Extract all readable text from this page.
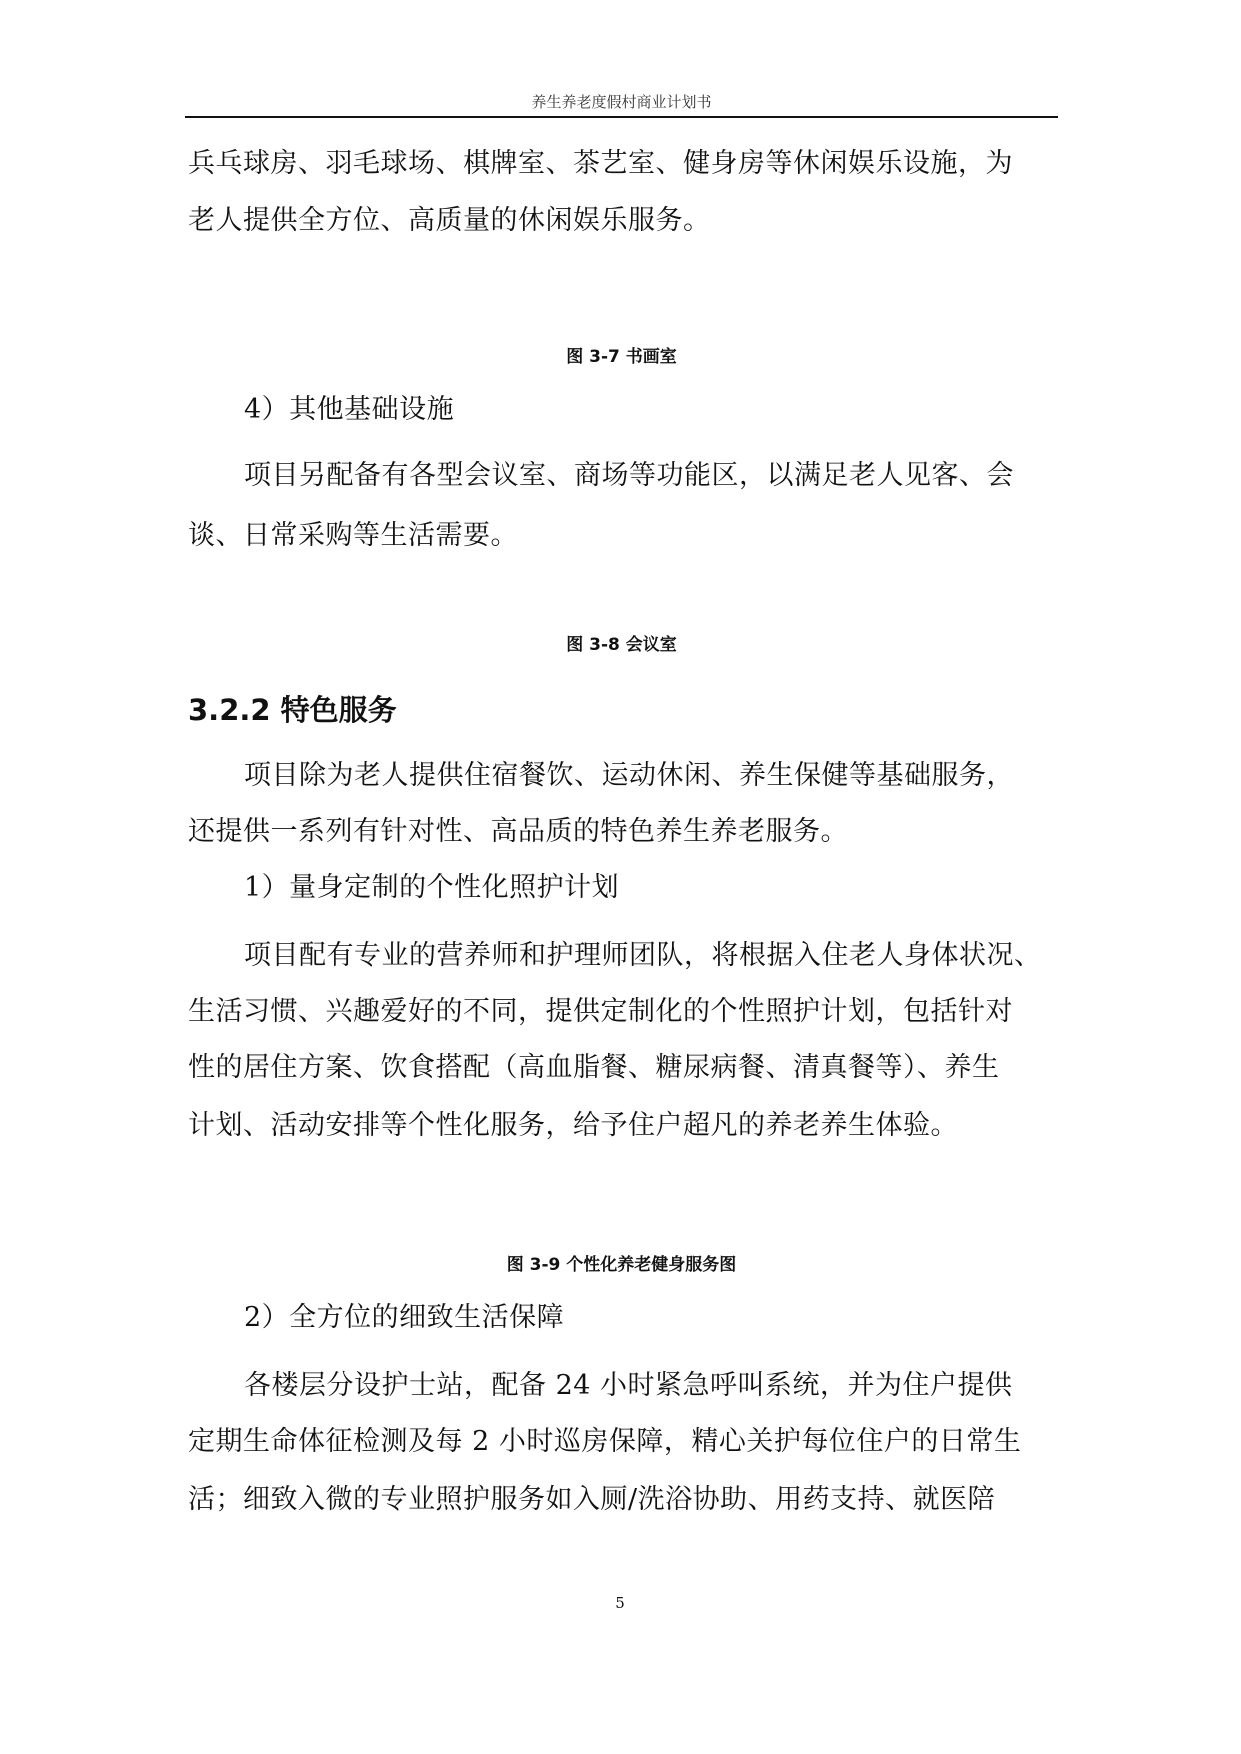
养生养老度假村商业计划书
兵乓球房、羽毛球场、棋牌室、茶艺室、健身房等休闲娱乐设施，为
老人提供全方位、高质量的休闲娱乐服务。
图 3-7 书画室
4）其他基础设施
项目另配备有各型会议室、商场等功能区，以满足老人见客、会
谈、日常采购等生活需要。
图 3-8 会议室
3.2.2 特色服务
项目除为老人提供住宿餐饮、运动休闲、养生保健等基础服务，
还提供一系列有针对性、高品质的特色养生养老服务。
1）量身定制的个性化照护计划
项目配有专业的营养师和护理师团队，将根据入住老人身体状况、
生活习惯、兴趣爱好的不同，提供定制化的个性照护计划，包括针对
性的居住方案、饮食搭配（高血脂餐、糖尿病餐、清真餐等）、养生
计划、活动安排等个性化服务，给予住户超凡的养老养生体验。
图 3-9 个性化养老健身服务图
2）全方位的细致生活保障
各楼层分设护士站，配备 24 小时紧急呼叫系统，并为住户提供
定期生命体征检测及每 2 小时巡房保障，精心关护每位住户的日常生
活；细致入微的专业照护服务如入厕/洗浴协助、用药支持、就医陪
5
